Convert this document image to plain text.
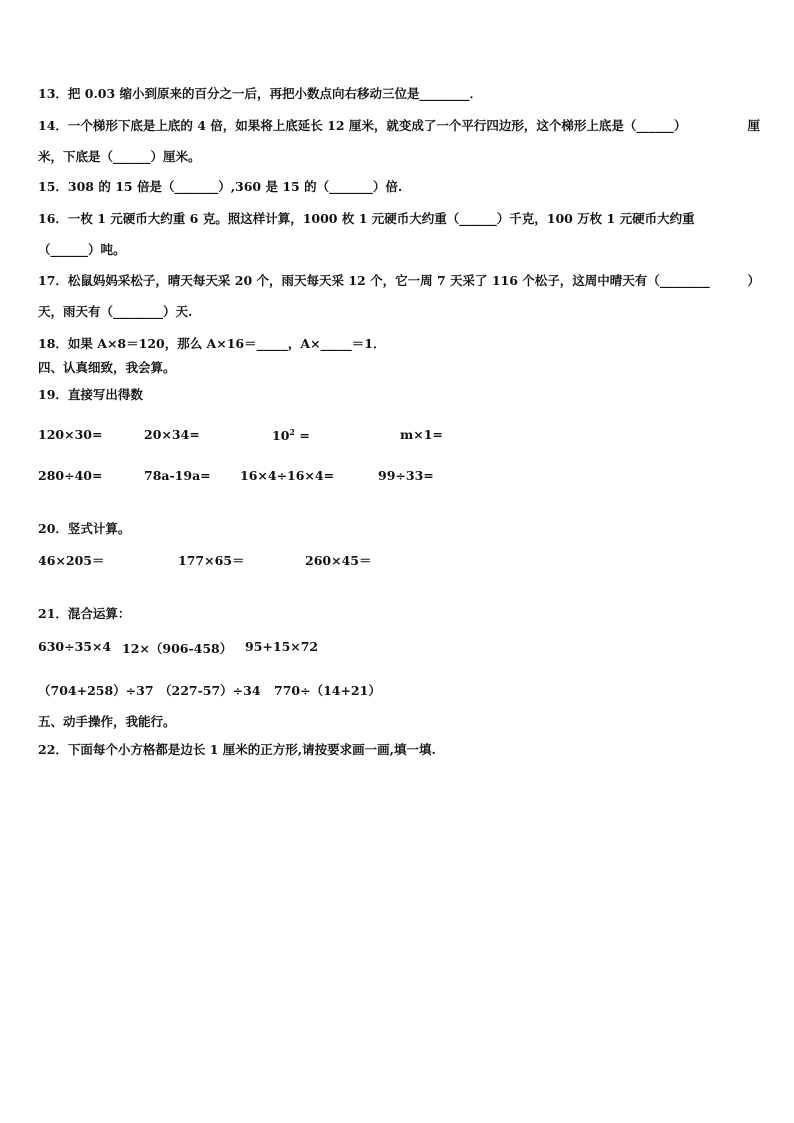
13．把 0.03 缩小到原来的百分之一后，再把小数点向右移动三位是________．
14．一个梯形下底是上底的 4 倍，如果将上底延长 12 厘米，就变成了一个平行四边形，这个梯形上底是（______）	厘
米，下底是（______）厘米。
15．308 的 15 倍是（_______）,360 是 15 的（_______）倍.
16．一枚 1 元硬币大约重 6 克。照这样计算，1000 枚 1 元硬币大约重（______）千克，100 万枚 1 元硬币大约重
（______）吨。
17．松鼠妈妈采松子，晴天每天采 20 个，雨天每天采 12 个，它一周 7 天采了 116 个松子，这周中晴天有（________	）
天，雨天有（________）天.
18．如果 A×8＝120，那么 A×16＝_____，A×_____＝1．
四、认真细致，我会算。
19．直接写出得数
120×30=	20×34=	$10^2$ =	m×1=
280÷40=	78a-19a= 16×4÷16×4=	99÷33=
20．竖式计算。
46×205＝	177×65＝	260×45＝
21．混合运算：
630÷35×4 12×（906-458） 95+15×72
（704+258）÷37 （227-57）÷34 770÷（14+21）
五、动手操作，我能行。
22．下面每个小方格都是边长 1 厘米的正方形,请按要求画一画,填一填.
